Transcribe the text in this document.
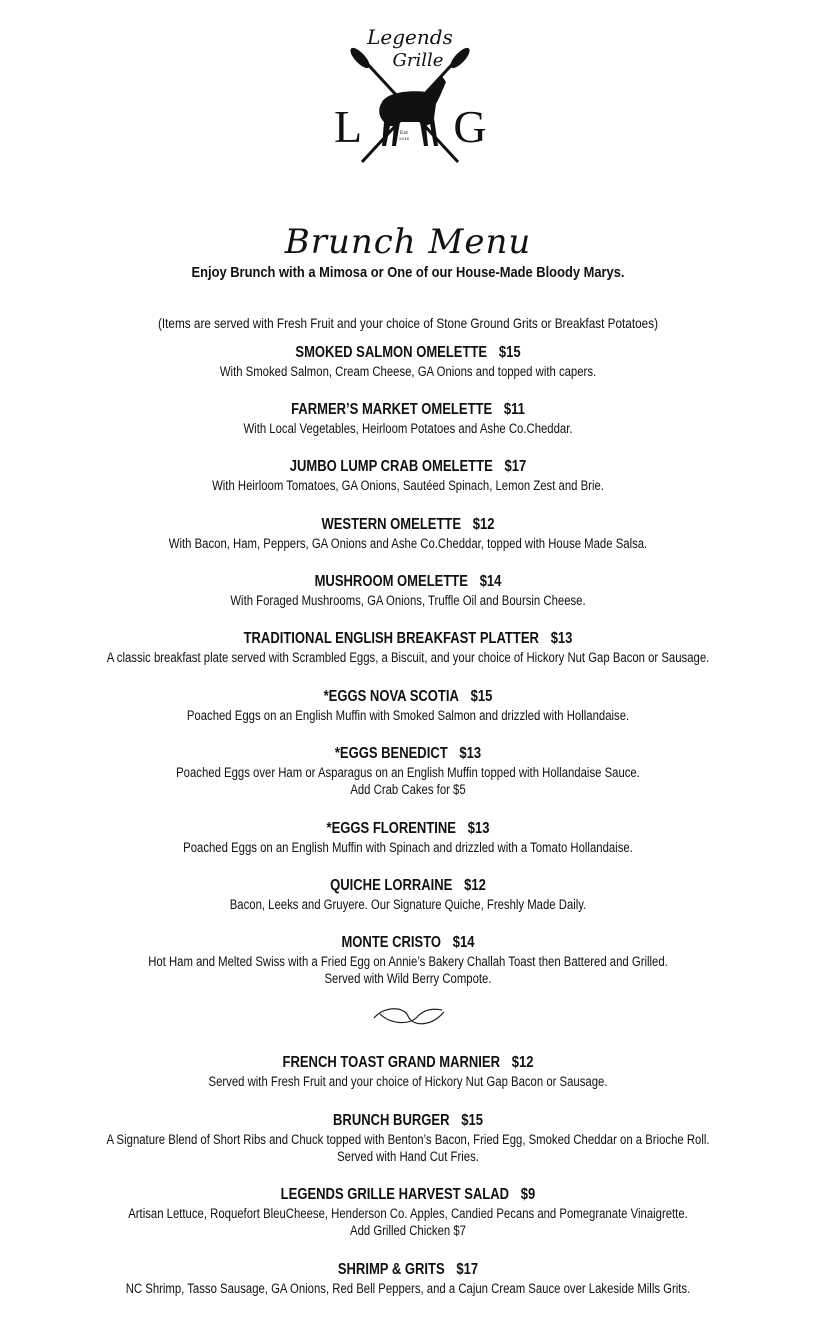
Legends
Grille
L G
Est
2016
Brunch Menu
Enjoy Brunch with a Mimosa or One of our House-Made Bloody Marys.
(Items are served with Fresh Fruit and your choice of Stone Ground Grits or Breakfast Potatoes)
SMOKED SALMON OMELETTE $15
With Smoked Salmon, Cream Cheese, GA Onions and topped with capers.
FARMER’S MARKET OMELETTE $11
With Local Vegetables, Heirloom Potatoes and Ashe Co.Cheddar.
JUMBO LUMP CRAB OMELETTE $17
With Heirloom Tomatoes, GA Onions, Sautéed Spinach, Lemon Zest and Brie.
WESTERN OMELETTE $12
With Bacon, Ham, Peppers, GA Onions and Ashe Co.Cheddar, topped with House Made Salsa.
MUSHROOM OMELETTE $14
With Foraged Mushrooms, GA Onions, Truffle Oil and Boursin Cheese.
TRADITIONAL ENGLISH BREAKFAST PLATTER $13
A classic breakfast plate served with Scrambled Eggs, a Biscuit, and your choice of Hickory Nut Gap Bacon or Sausage.
*EGGS NOVA SCOTIA $15
Poached Eggs on an English Muffin with Smoked Salmon and drizzled with Hollandaise.
*EGGS BENEDICT $13
Poached Eggs over Ham or Asparagus on an English Muffin topped with Hollandaise Sauce.
Add Crab Cakes for $5
*EGGS FLORENTINE $13
Poached Eggs on an English Muffin with Spinach and drizzled with a Tomato Hollandaise.
QUICHE LORRAINE $12
Bacon, Leeks and Gruyere. Our Signature Quiche, Freshly Made Daily.
MONTE CRISTO $14
Hot Ham and Melted Swiss with a Fried Egg on Annie’s Bakery Challah Toast then Battered and Grilled.
Served with Wild Berry Compote.
FRENCH TOAST GRAND MARNIER $12
Served with Fresh Fruit and your choice of Hickory Nut Gap Bacon or Sausage.
BRUNCH BURGER $15
A Signature Blend of Short Ribs and Chuck topped with Benton’s Bacon, Fried Egg, Smoked Cheddar on a Brioche Roll.
Served with Hand Cut Fries.
LEGENDS GRILLE HARVEST SALAD $9
Artisan Lettuce, Roquefort BleuCheese, Henderson Co. Apples, Candied Pecans and Pomegranate Vinaigrette.
Add Grilled Chicken $7
SHRIMP & GRITS $17
NC Shrimp, Tasso Sausage, GA Onions, Red Bell Peppers, and a Cajun Cream Sauce over Lakeside Mills Grits.
